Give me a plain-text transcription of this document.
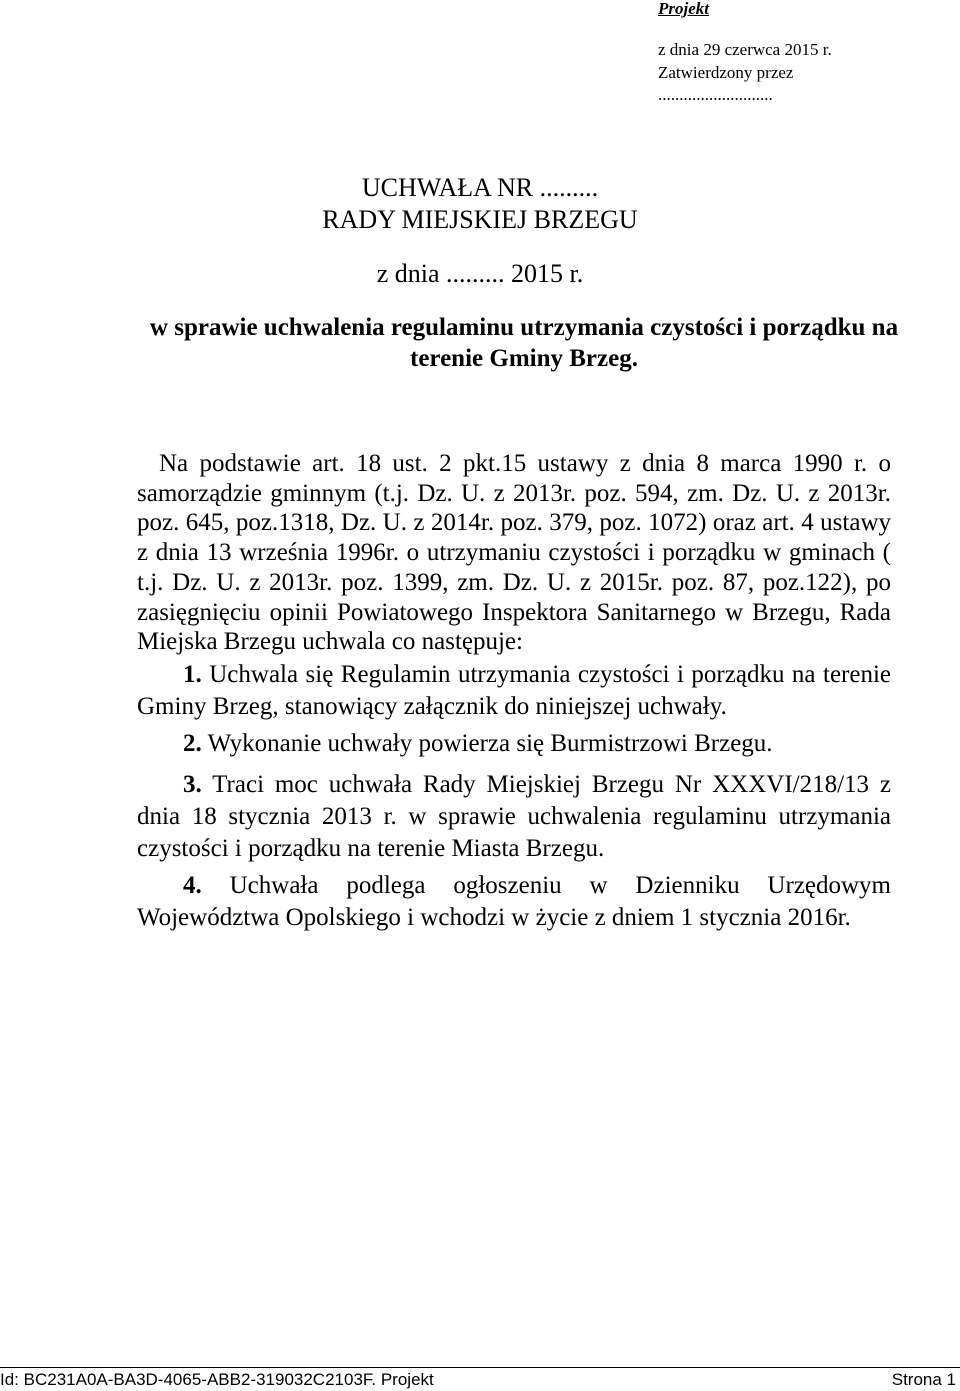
Projekt

z dnia 29 czerwca 2015 r.

Zatwierdzony przez

...........................

UCHWAŁA NR .........

RADY MIEJSKIEJ BRZEGU

z dnia ......... 2015 r.

w sprawie uchwalenia regulaminu utrzymania czystości i porządku na

terenie Gminy Brzeg.

Na podstawie art. 18 ust. 2 pkt.15 ustawy z dnia 8 marca 1990 r. o samorządzie gminnym (t.j. Dz. U. z 2013r. poz. 594, zm. Dz. U. z 2013r. poz. 645, poz.1318, Dz. U. z 2014r. poz. 379, poz. 1072) oraz art. 4 ustawy z dnia 13 września 1996r. o utrzymaniu czystości i porządku w gminach ( t.j. Dz. U. z 2013r. poz. 1399, zm. Dz. U. z 2015r. poz. 87, poz.122), po zasięgnięciu opinii Powiatowego Inspektora Sanitarnego w Brzegu, Rada Miejska Brzegu uchwala co następuje:

1. Uchwala się Regulamin utrzymania czystości i porządku na terenie Gminy Brzeg, stanowiący załącznik do niniejszej uchwały.

2. Wykonanie uchwały powierza się Burmistrzowi Brzegu.

3. Traci moc uchwała Rady Miejskiej Brzegu Nr XXXVI/218/13 z dnia 18 stycznia 2013 r. w sprawie uchwalenia regulaminu utrzymania czystości i porządku na terenie Miasta Brzegu.

4. Uchwała podlega ogłoszeniu w Dzienniku Urzędowym Województwa Opolskiego i wchodzi w życie z dniem 1 stycznia 2016r.

Id: BC231A0A-BA3D-4065-ABB2-319032C2103F. Projekt	Strona 1
